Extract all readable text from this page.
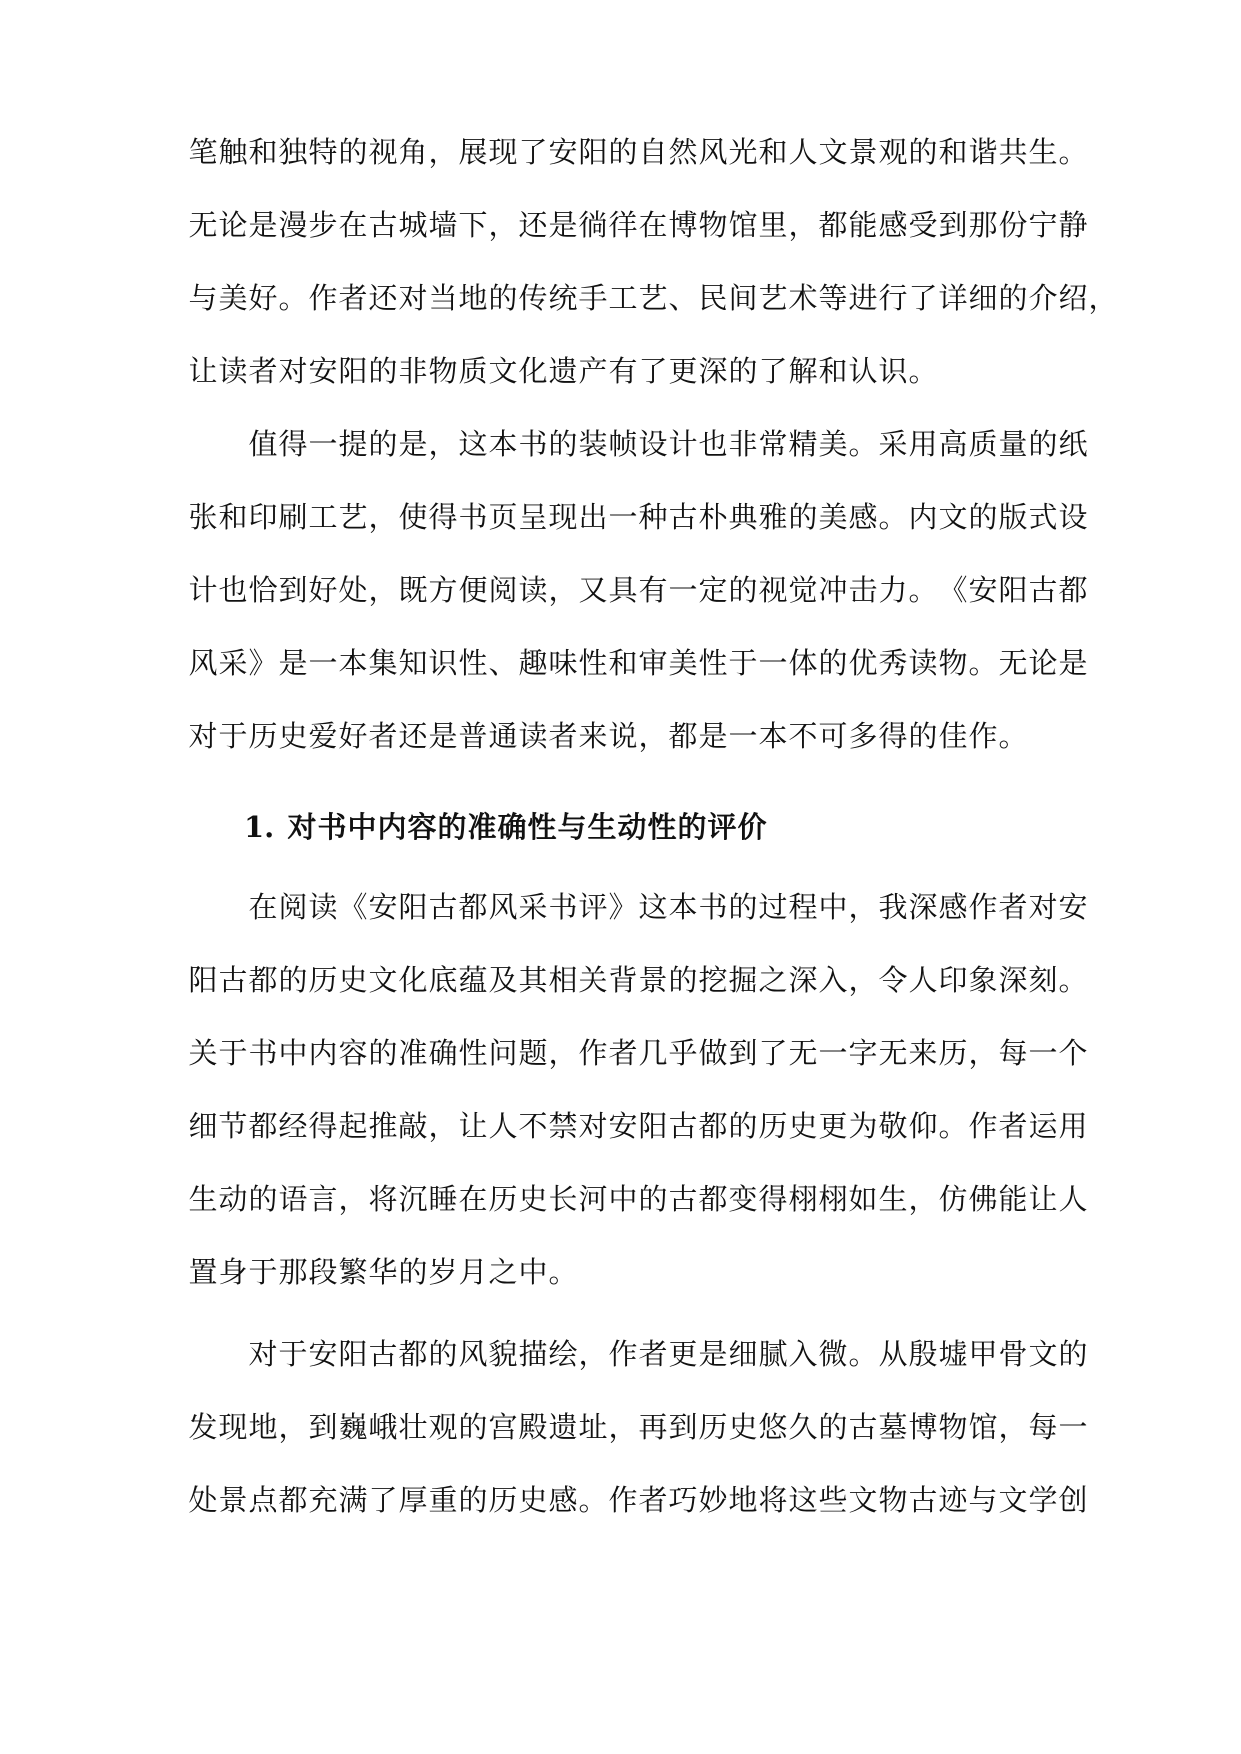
笔 触 和 独 特 的 视 角 ， 展 现 了 安 阳 的 自 然 风 光 和 人 文 景 观 的 和 谐 共 生 。
无 论 是 漫 步 在 古 城 墙 下 ， 还 是 徜 徉 在 博 物 馆 里 ， 都 能 感 受 到 那 份 宁 静
与 美 好 。 作 者 还 对 当 地 的 传 统 手 工 艺 、 民 间 艺 术 等 进 行 了 详 细 的 介 绍 ，
让 读 者 对 安 阳 的 非 物 质 文 化 遗 产 有 了 更 深 的 了 解 和 认 识 。
值 得 一 提 的 是 ， 这 本 书 的 装 帧 设 计 也 非 常 精 美 。 采 用 高 质 量 的 纸
张 和 印 刷 工 艺 ， 使 得 书 页 呈 现 出 一 种 古 朴 典 雅 的 美 感 。 内 文 的 版 式 设
计 也 恰 到 好 处 ， 既 方 便 阅 读 ， 又 具 有 一 定 的 视 觉 冲 击 力 。 《 安 阳 古 都
风 采 》 是 一 本 集 知 识 性 、 趣 味 性 和 审 美 性 于 一 体 的 优 秀 读 物 。 无 论 是
对 于 历 史 爱 好 者 还 是 普 通 读 者 来 说 ， 都 是 一 本 不 可 多 得 的 佳 作 。
1. 对 书 中 内 容 的 准 确 性 与 生 动 性 的 评 价
在 阅 读 《 安 阳 古 都 风 采 书 评 》 这 本 书 的 过 程 中 ， 我 深 感 作 者 对 安
阳 古 都 的 历 史 文 化 底 蕴 及 其 相 关 背 景 的 挖 掘 之 深 入 ， 令 人 印 象 深 刻 。
关 于 书 中 内 容 的 准 确 性 问 题 ， 作 者 几 乎 做 到 了 无 一 字 无 来 历 ， 每 一 个
细 节 都 经 得 起 推 敲 ， 让 人 不 禁 对 安 阳 古 都 的 历 史 更 为 敬 仰 。 作 者 运 用
生 动 的 语 言 ， 将 沉 睡 在 历 史 长 河 中 的 古 都 变 得 栩 栩 如 生 ， 仿 佛 能 让 人
置 身 于 那 段 繁 华 的 岁 月 之 中 。
对 于 安 阳 古 都 的 风 貌 描 绘 ， 作 者 更 是 细 腻 入 微 。 从 殷 墟 甲 骨 文 的
发 现 地 ， 到 巍 峨 壮 观 的 宫 殿 遗 址 ， 再 到 历 史 悠 久 的 古 墓 博 物 馆 ， 每 一
处 景 点 都 充 满 了 厚 重 的 历 史 感 。 作 者 巧 妙 地 将 这 些 文 物 古 迹 与 文 学 创
